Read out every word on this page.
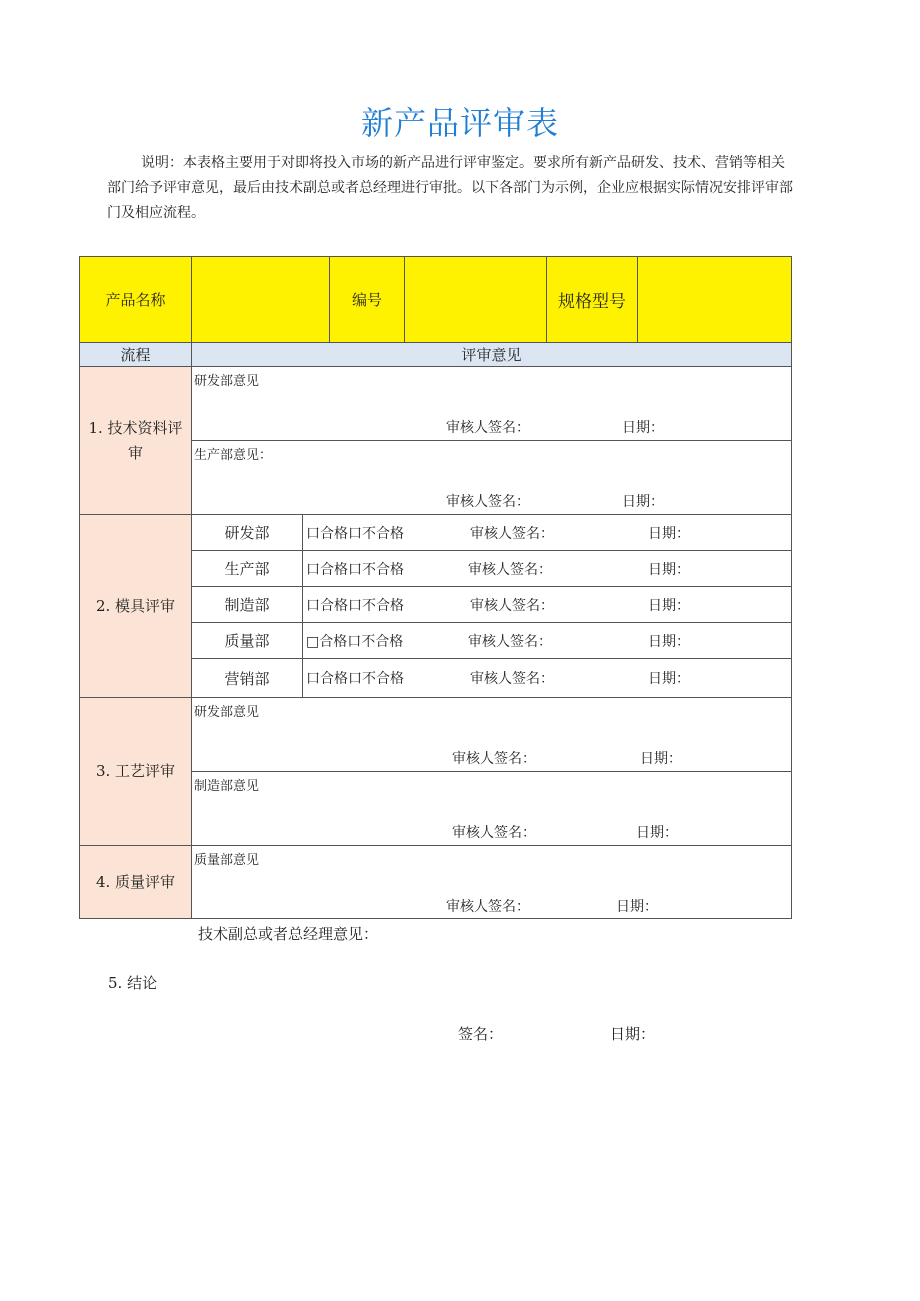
新产品评审表
说明：本表格主要用于对即将投入市场的新产品进行评审鉴定。要求所有新产品研发、技术、营销等相关部门给予评审意见，最后由技术副总或者总经理进行审批。以下各部门为示例，企业应根据实际情况安排评审部门及相应流程。
产品名称	编号	规格型号
流程	评审意见
1. 技术资料评审
研发部意见
审核人签名：	日期：
生产部意见：
审核人签名：	日期：
2. 模具评审
研发部	口合格口不合格	审核人签名：	日期：
生产部	口合格口不合格	审核人签名：	日期：
制造部	口合格口不合格	审核人签名：	日期：
质量部	□合格口不合格	审核人签名：	日期：
营销部	口合格口不合格	审核人签名：	日期：
3. 工艺评审
研发部意见
审核人签名：	日期：
制造部意见
审核人签名：	日期：
4. 质量评审
质量部意见
审核人签名：	日期：
技术副总或者总经理意见：
5. 结论
签名：	日期：
